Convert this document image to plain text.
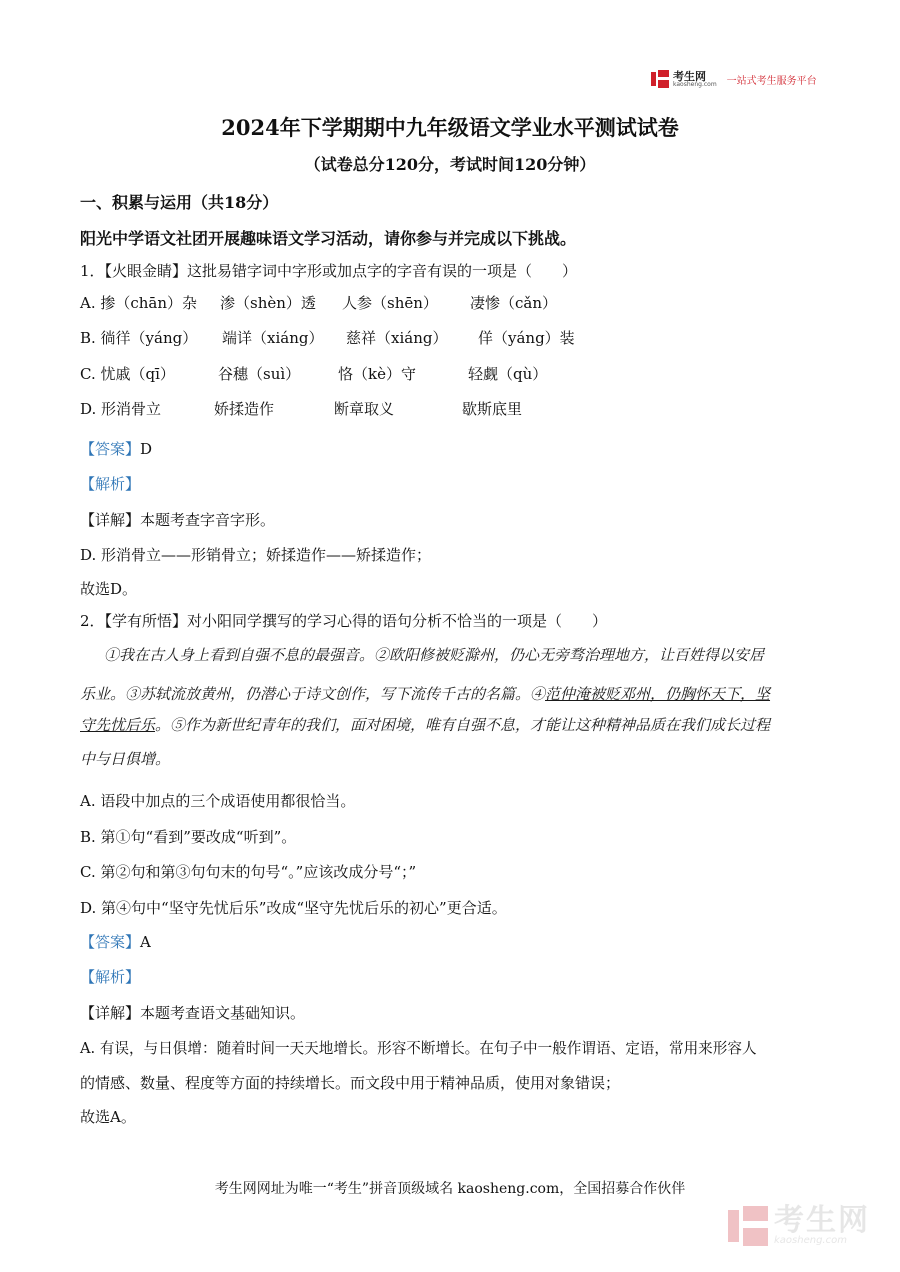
考生网
kaosheng.com 一站式考生服务平台
2024年下学期期中九年级语文学业水平测试试卷
（试卷总分120分，考试时间120分钟）
一、积累与运用（共18分）
阳光中学语文社团开展趣味语文学习活动，请你参与并完成以下挑战。
1．【火眼金睛】这批易错字词中字形或加点字的字音有误的一项是（　　）
A. 掺（chān）杂 渗（shèn）透 人参（shēn） 凄惨（cǎn）
B. 徜徉（yáng） 端详（xiáng） 慈祥（xiáng） 佯（yáng）装
C. 忧戚（qī）	谷穗（suì）	恪（kè）守	轻觑（qù）
D. 形消骨立	娇揉造作	断章取义	歇斯底里
【答案】D
【解析】
【详解】本题考查字音字形。
D. 形消骨立——形销骨立；娇揉造作——矫揉造作；
故选D。
2．【学有所悟】对小阳同学撰写的学习心得的语句分析不恰当的一项是（　　）
①我在古人身上看到自强不息的最强音。②欧阳修被贬滁州，仍心无旁骛治理地方，让百姓得以安居
乐业。③苏轼流放黄州，仍潜心于诗文创作，写下流传千古的名篇。④范仲淹被贬邓州，仍胸怀天下，坚
守先忧后乐。⑤作为新世纪青年的我们，面对困境，唯有自强不息，才能让这种精神品质在我们成长过程
中与日俱增。
A. 语段中加点的三个成语使用都很恰当。
B. 第①句“看到”要改成“听到”。
C. 第②句和第③句句末的句号“。”应该改成分号“；”
D. 第④句中“坚守先忧后乐”改成“坚守先忧后乐的初心”更合适。
【答案】A
【解析】
【详解】本题考查语文基础知识。
A. 有误，与日俱增：随着时间一天天地增长。形容不断增长。在句子中一般作谓语、定语，常用来形容人
的情感、数量、程度等方面的持续增长。而文段中用于精神品质，使用对象错误；
故选A。
考生网网址为唯一“考生”拼音顶级域名 kaosheng.com，全国招募合作伙伴
考生网
kaosheng.com
